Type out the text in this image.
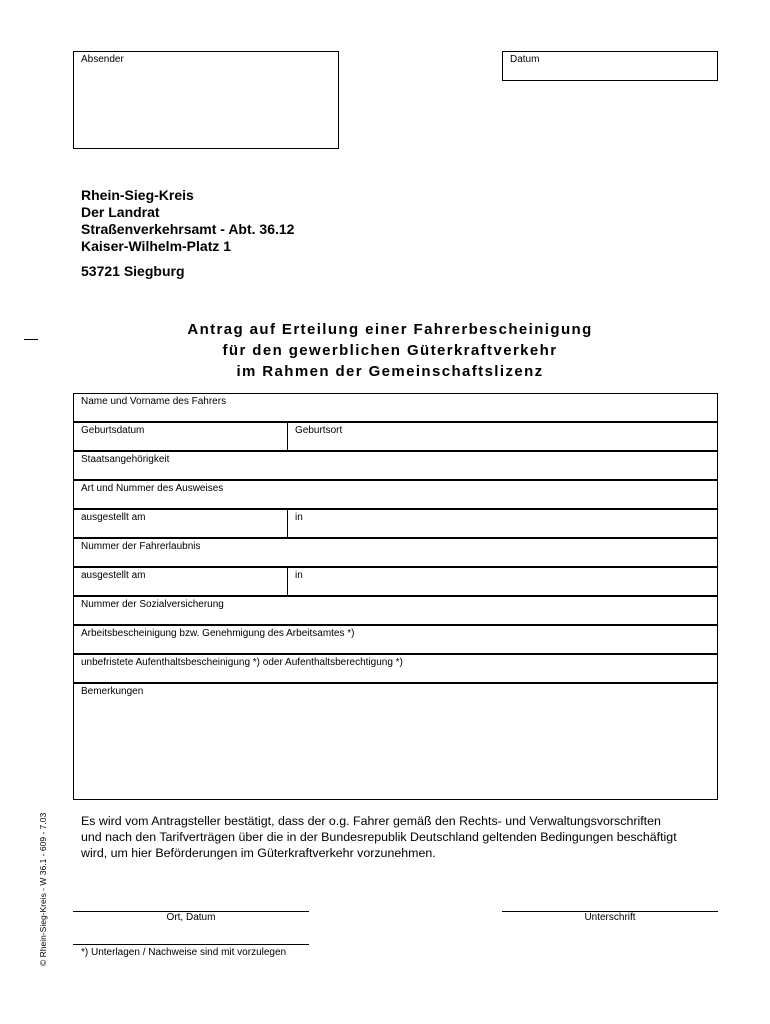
Absender	Datum
Rhein-Sieg-Kreis
Der Landrat
Straßenverkehrsamt - Abt. 36.12
Kaiser-Wilhelm-Platz 1
53721 Siegburg
Antrag auf Erteilung einer Fahrerbescheinigung
für den gewerblichen Güterkraftverkehr
im Rahmen der Gemeinschaftslizenz
Name und Vorname des Fahrers
Geburtsdatum	Geburtsort
Staatsangehörigkeit
Art und Nummer des Ausweises
ausgestellt am	in
Nummer der Fahrerlaubnis
ausgestellt am	in
Nummer der Sozialversicherung
Arbeitsbescheinigung bzw. Genehmigung des Arbeitsamtes *)
unbefristete Aufenthaltsbescheinigung *) oder Aufenthaltsberechtigung *)
Bemerkungen
Es wird vom Antragsteller bestätigt, dass der o.g. Fahrer gemäß den Rechts- und Verwaltungsvorschriften
und nach den Tarifverträgen über die in der Bundesrepublik Deutschland geltenden Bedingungen beschäftigt
wird, um hier Beförderungen im Güterkraftverkehr vorzunehmen.
Ort, Datum	Unterschrift
*) Unterlagen / Nachweise sind mit vorzulegen
© Rhein-Sieg-Kreis - W 36.1 - 609 - 7.03
